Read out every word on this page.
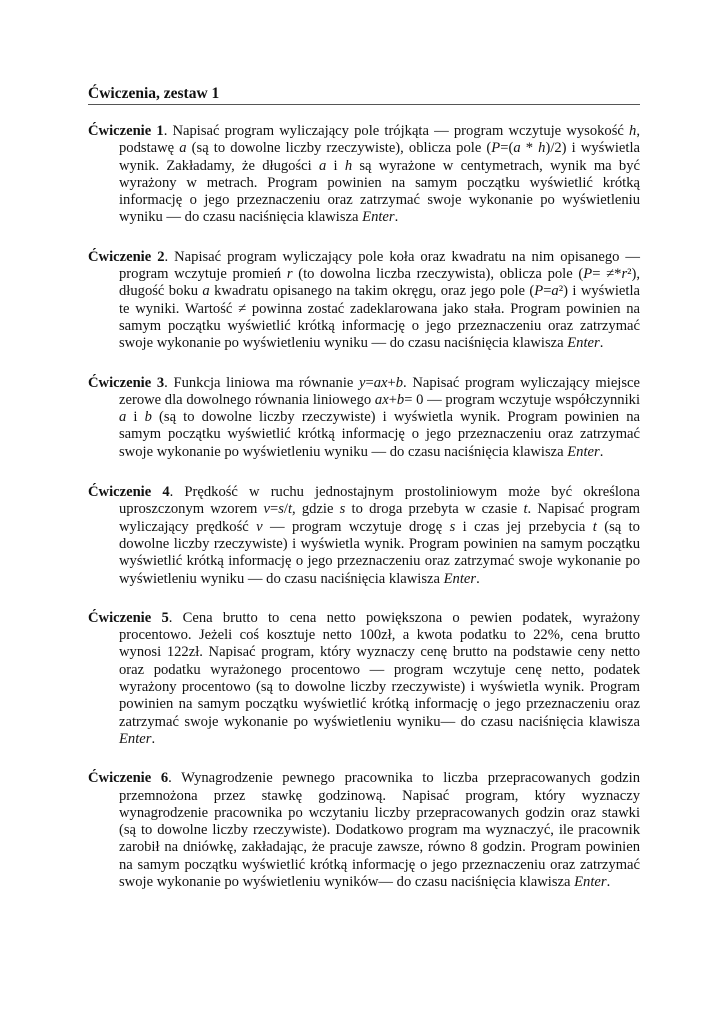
Ćwiczenia, zestaw 1

Ćwiczenie 1. Napisać program wyliczający pole trójkąta — program wczytuje wysokość h, podstawę a (są to dowolne liczby rzeczywiste), oblicza pole (P=(a * h)/2) i wyświetla wynik. Zakładamy, że długości a i h są wyrażone w centymetrach, wynik ma być wyrażony w metrach. Program powinien na samym początku wyświetlić krótką informację o jego przeznaczeniu oraz zatrzymać swoje wykonanie po wyświetleniu wyniku — do czasu naciśnięcia klawisza Enter.

Ćwiczenie 2. Napisać program wyliczający pole koła oraz kwadratu na nim opisanego — program wczytuje promień r (to dowolna liczba rzeczywista), oblicza pole (P= ≠*r²), długość boku a kwadratu opisanego na takim okręgu, oraz jego pole (P=a²) i wyświetla te wyniki. Wartość ≠ powinna zostać zadeklarowana jako stała. Program powinien na samym początku wyświetlić krótką informację o jego przeznaczeniu oraz zatrzymać swoje wykonanie po wyświetleniu wyniku — do czasu naciśnięcia klawisza Enter.

Ćwiczenie 3. Funkcja liniowa ma równanie y=ax+b. Napisać program wyliczający miejsce zerowe dla dowolnego równania liniowego ax+b= 0 — program wczytuje współczynniki a i b (są to dowolne liczby rzeczywiste) i wyświetla wynik. Program powinien na samym początku wyświetlić krótką informację o jego przeznaczeniu oraz zatrzymać swoje wykonanie po wyświetleniu wyniku — do czasu naciśnięcia klawisza Enter.

Ćwiczenie 4. Prędkość w ruchu jednostajnym prostoliniowym może być określona uproszczonym wzorem v=s/t, gdzie s to droga przebyta w czasie t. Napisać program wyliczający prędkość v — program wczytuje drogę s i czas jej przebycia t (są to dowolne liczby rzeczywiste) i wyświetla wynik. Program powinien na samym początku wyświetlić krótką informację o jego przeznaczeniu oraz zatrzymać swoje wykonanie po wyświetleniu wyniku — do czasu naciśnięcia klawisza Enter.

Ćwiczenie 5. Cena brutto to cena netto powiększona o pewien podatek, wyrażony procentowo. Jeżeli coś kosztuje netto 100zł, a kwota podatku to 22%, cena brutto wynosi 122zł. Napisać program, który wyznaczy cenę brutto na podstawie ceny netto oraz podatku wyrażonego procentowo — program wczytuje cenę netto, podatek wyrażony procentowo (są to dowolne liczby rzeczywiste) i wyświetla wynik. Program powinien na samym początku wyświetlić krótką informację o jego przeznaczeniu oraz zatrzymać swoje wykonanie po wyświetleniu wyniku— do czasu naciśnięcia klawisza Enter.

Ćwiczenie 6. Wynagrodzenie pewnego pracownika to liczba przepracowanych godzin przemnożona przez stawkę godzinową. Napisać program, który wyznaczy wynagrodzenie pracownika po wczytaniu liczby przepracowanych godzin oraz stawki (są to dowolne liczby rzeczywiste). Dodatkowo program ma wyznaczyć, ile pracownik zarobił na dniówkę, zakładając, że pracuje zawsze, równo 8 godzin. Program powinien na samym początku wyświetlić krótką informację o jego przeznaczeniu oraz zatrzymać swoje wykonanie po wyświetleniu wyników— do czasu naciśnięcia klawisza Enter.
